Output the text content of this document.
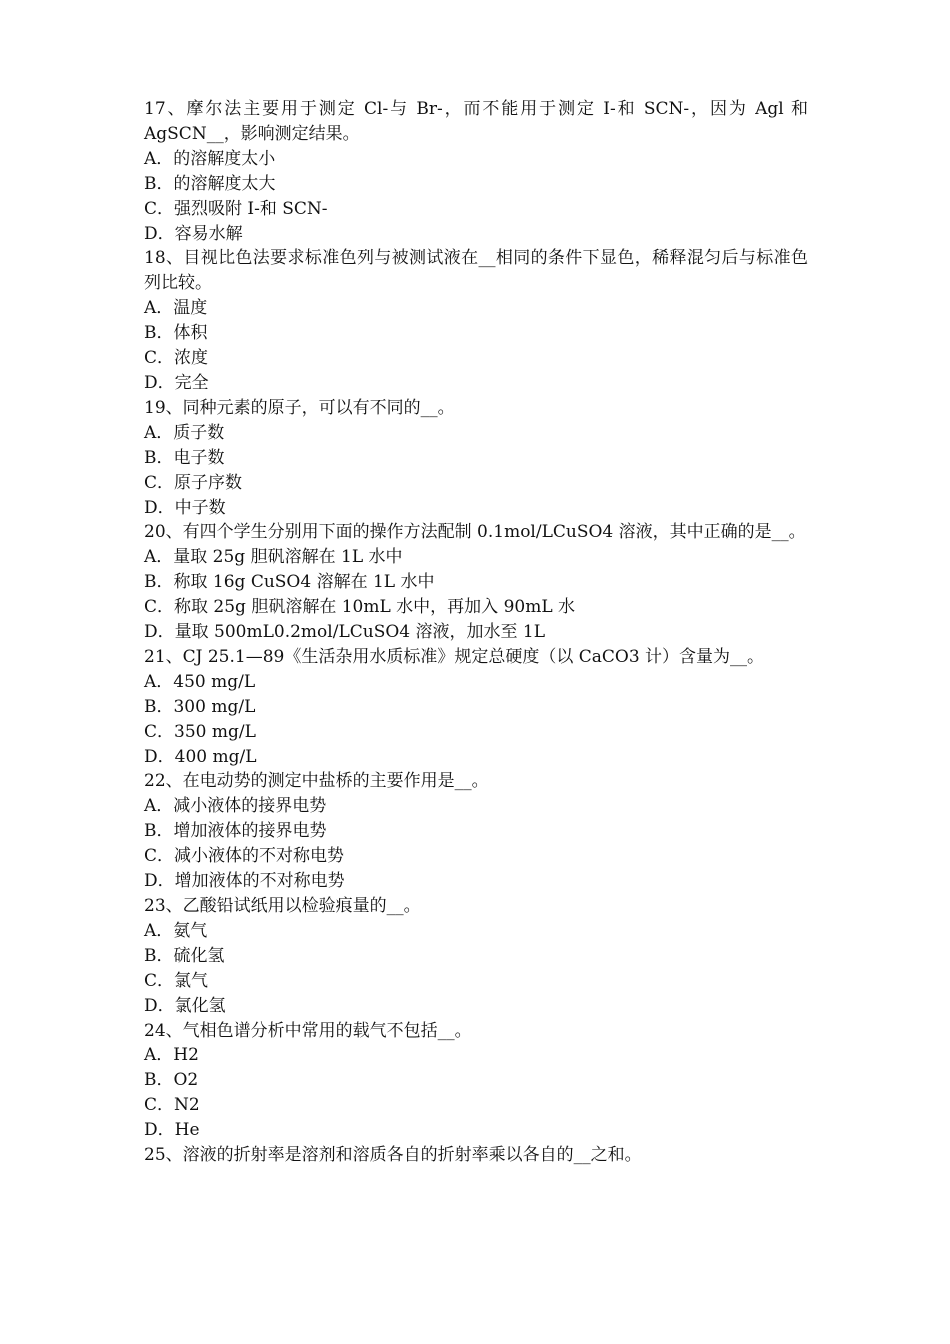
17、摩尔法主要用于测定 Cl-与 Br-，而不能用于测定 I-和 SCN-，因为 Agl 和 AgSCN__，影响测定结果。
A．的溶解度太小
B．的溶解度太大
C．强烈吸附 I-和 SCN-
D．容易水解
18、目视比色法要求标准色列与被测试液在__相同的条件下显色，稀释混匀后与标准色列比较。
A．温度
B．体积
C．浓度
D．完全
19、同种元素的原子，可以有不同的__。
A．质子数
B．电子数
C．原子序数
D．中子数
20、有四个学生分别用下面的操作方法配制 0.1mol/LCuSO4 溶液，其中正确的是__。
A．量取 25g 胆矾溶解在 1L 水中
B．称取 16g CuSO4 溶解在 1L 水中
C．称取 25g 胆矾溶解在 10mL 水中，再加入 90mL 水
D．量取 500mL0.2mol/LCuSO4 溶液，加水至 1L
21、CJ 25.1—89《生活杂用水质标准》规定总硬度（以 CaCO3 计）含量为__。
A．450 mg/L
B．300 mg/L
C．350 mg/L
D．400 mg/L
22、在电动势的测定中盐桥的主要作用是__。
A．减小液体的接界电势
B．增加液体的接界电势
C．减小液体的不对称电势
D．增加液体的不对称电势
23、乙酸铅试纸用以检验痕量的__。
A．氨气
B．硫化氢
C．氯气
D．氯化氢
24、气相色谱分析中常用的载气不包括__。
A．H2
B．O2
C．N2
D．He
25、溶液的折射率是溶剂和溶质各自的折射率乘以各自的__之和。
